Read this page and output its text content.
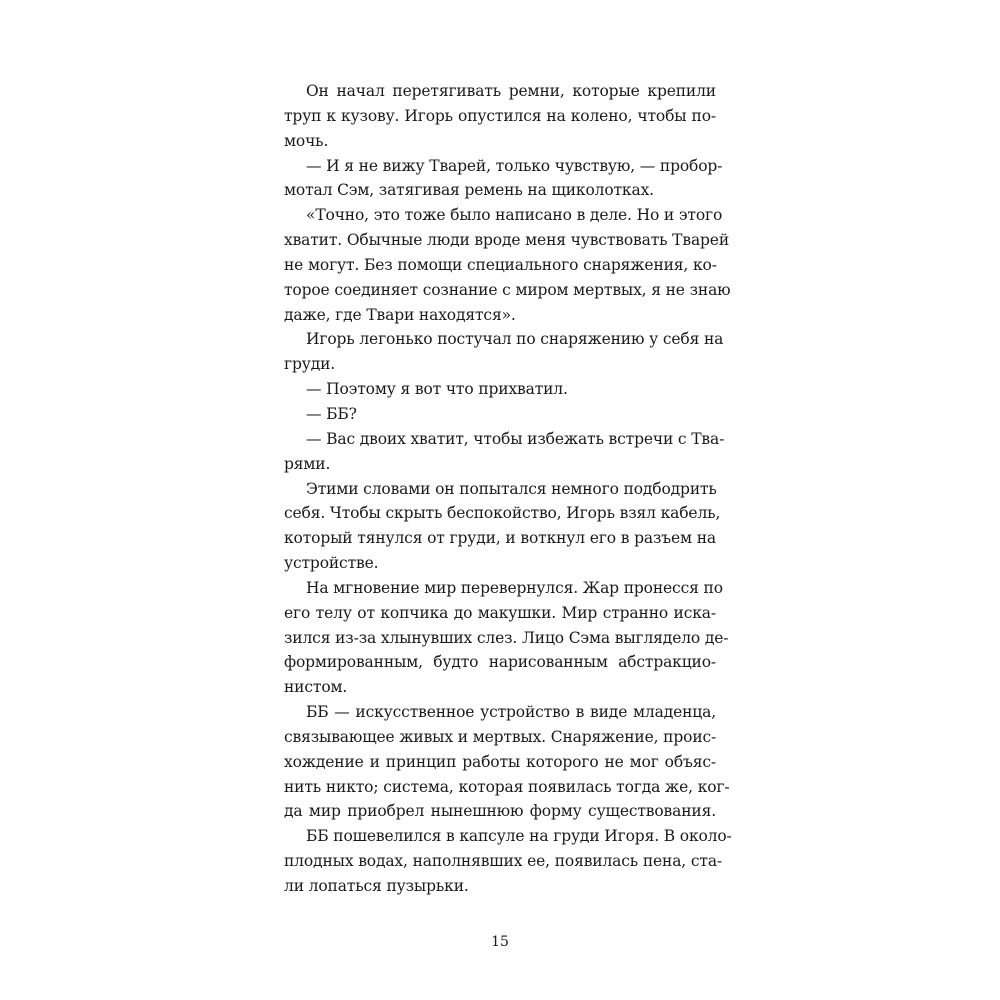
Он начал перетягивать ремни, которые крепили
труп к кузову. Игорь опустился на колено, чтобы по-
мочь.
— И я не вижу Тварей, только чувствую, — пробор-
мотал Сэм, затягивая ремень на щиколотках.
«Точно, это тоже было написано в деле. Но и этого
хватит. Обычные люди вроде меня чувствовать Тварей
не могут. Без помощи специального снаряжения, ко-
торое соединяет сознание с миром мертвых, я не знаю
даже, где Твари находятся».
Игорь легонько постучал по снаряжению у себя на
груди.
— Поэтому я вот что прихватил.
— ББ?
— Вас двоих хватит, чтобы избежать встречи с Тва-
рями.
Этими словами он попытался немного подбодрить
себя. Чтобы скрыть беспокойство, Игорь взял кабель,
который тянулся от груди, и воткнул его в разъем на
устройстве.
На мгновение мир перевернулся. Жар пронесся по
его телу от копчика до макушки. Мир странно иска-
зился из-за хлынувших слез. Лицо Сэма выглядело де-
формированным, будто нарисованным абстракцио-
нистом.
ББ — искусственное устройство в виде младенца,
связывающее живых и мертвых. Снаряжение, проис-
хождение и принцип работы которого не мог объяс-
нить никто; система, которая появилась тогда же, ког-
да мир приобрел нынешнюю форму существования.
ББ пошевелился в капсуле на груди Игоря. В около-
плодных водах, наполнявших ее, появилась пена, ста-
ли лопаться пузырьки.
15
